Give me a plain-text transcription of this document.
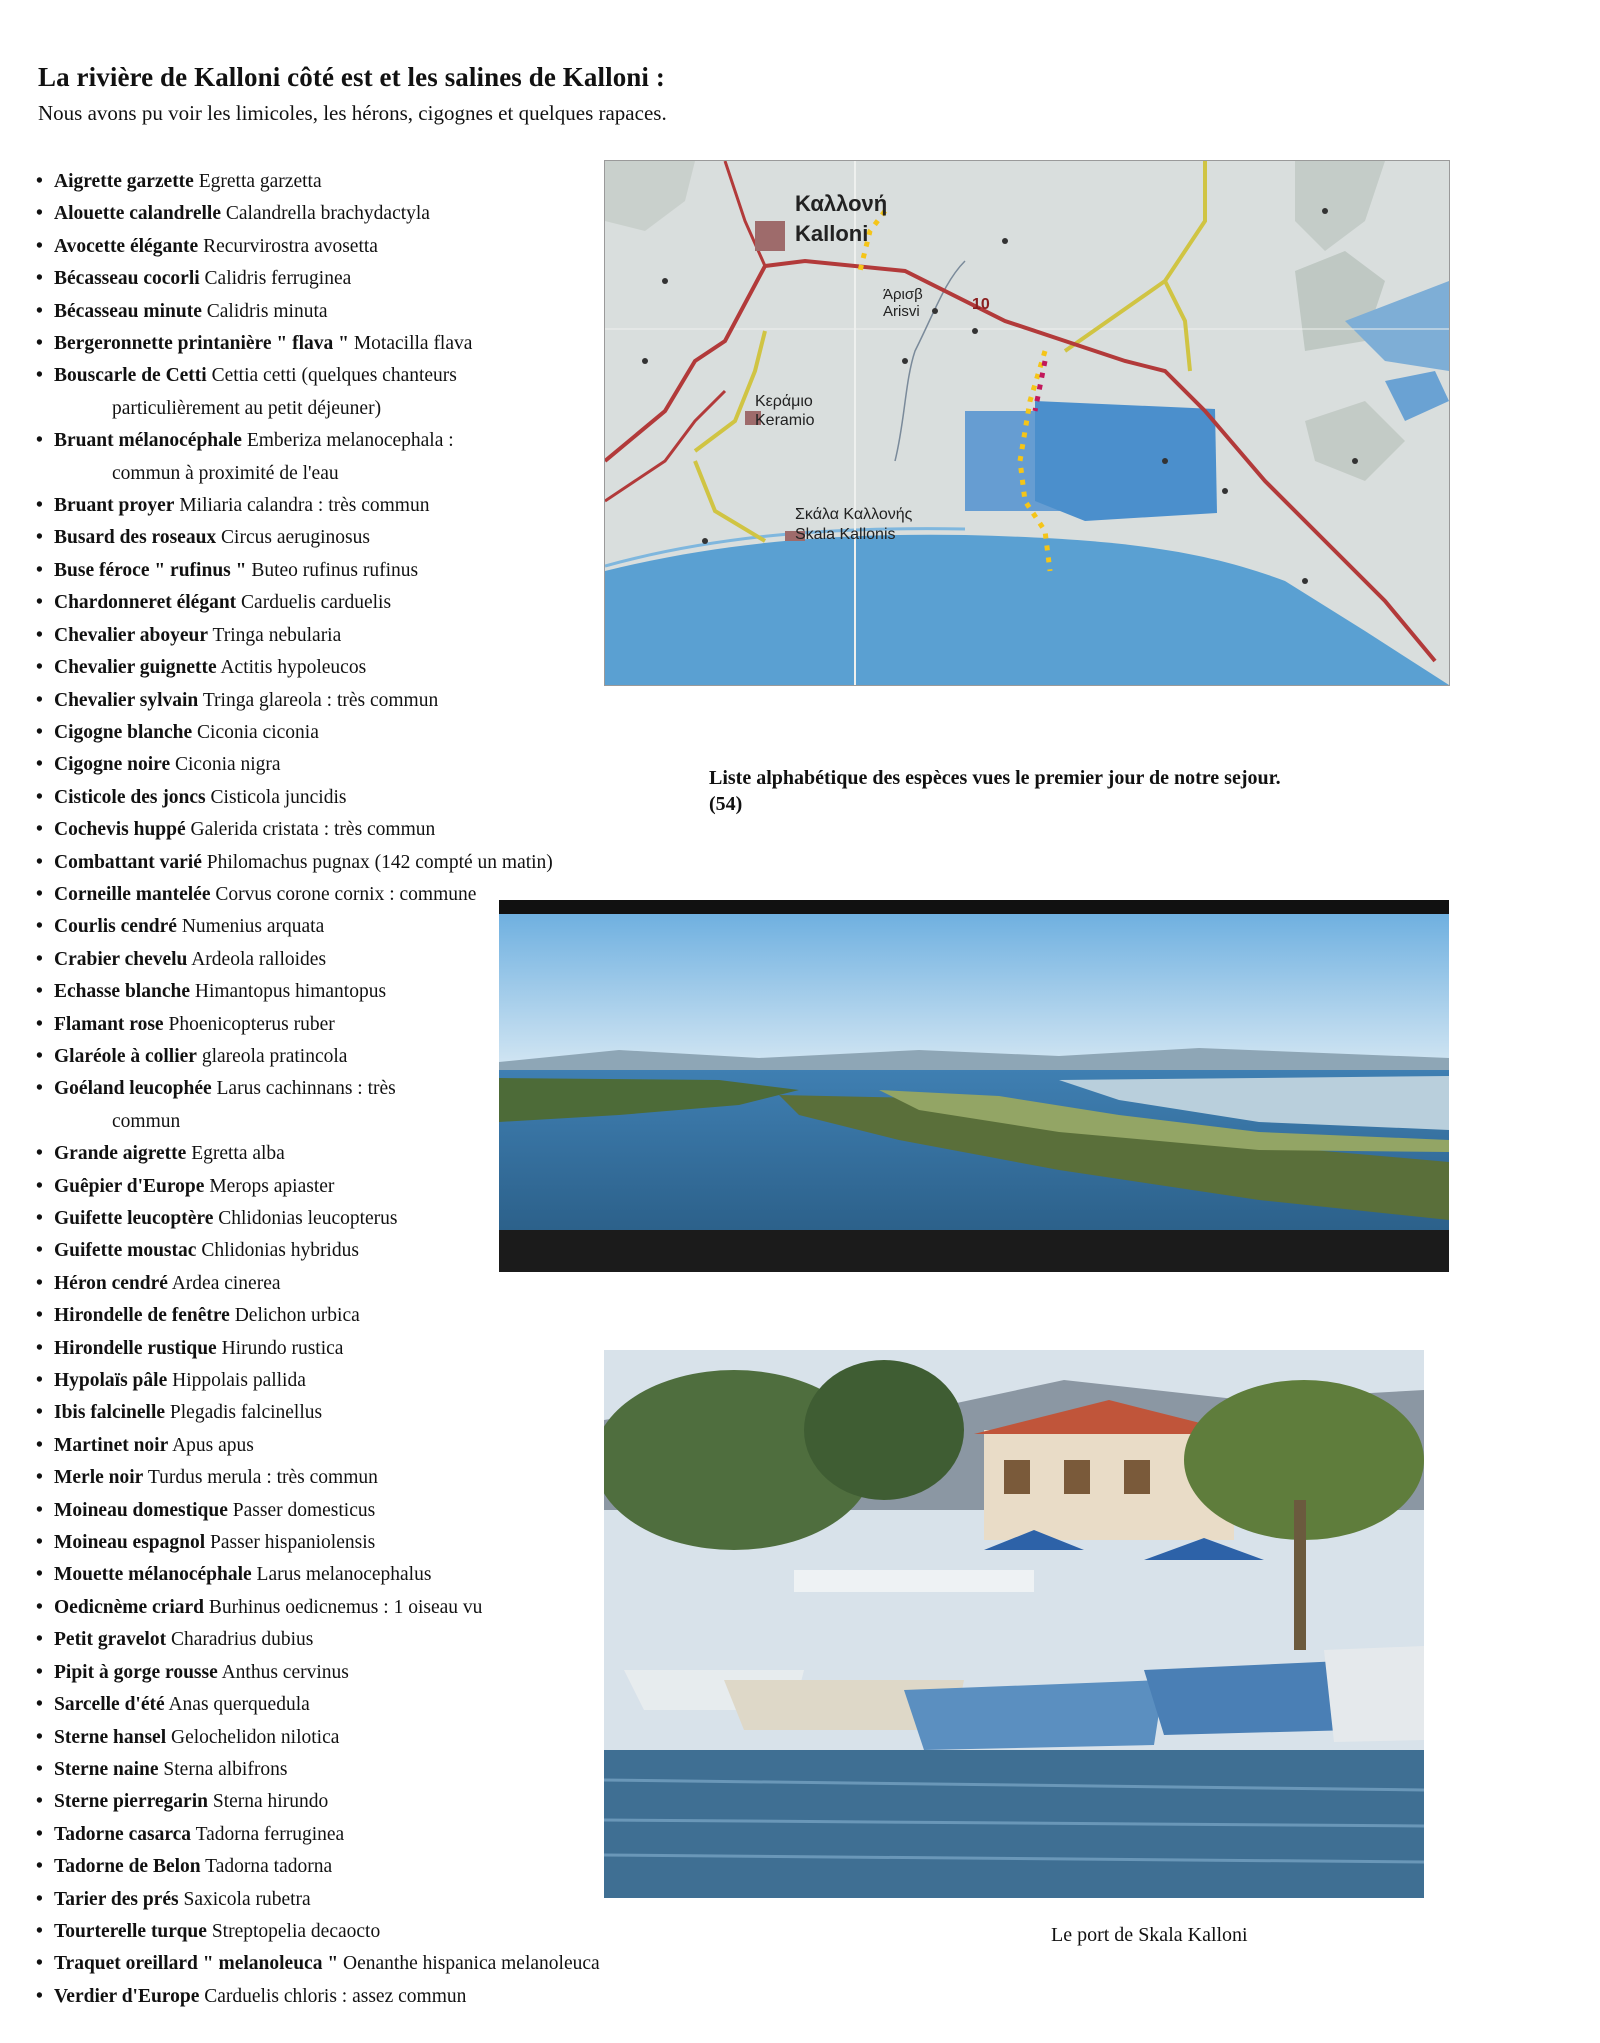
La rivière de Kalloni côté est et les salines de Kalloni :
Nous avons pu voir les limicoles, les hérons, cigognes et quelques rapaces.
• Aigrette garzette Egretta garzetta
• Alouette calandrelle Calandrella brachydactyla
• Avocette élégante Recurvirostra avosetta
• Bécasseau cocorli Calidris ferruginea
• Bécasseau minute Calidris minuta
• Bergeronnette printanière " flava " Motacilla flava
• Bouscarle de Cetti Cettia cetti (quelques chanteurs
particulièrement au petit déjeuner)
• Bruant mélanocéphale Emberiza melanocephala :
commun à proximité de l'eau
• Bruant proyer Miliaria calandra : très commun
• Busard des roseaux Circus aeruginosus
• Buse féroce " rufinus " Buteo rufinus rufinus
• Chardonneret élégant Carduelis carduelis
• Chevalier aboyeur Tringa nebularia
• Chevalier guignette Actitis hypoleucos
• Chevalier sylvain Tringa glareola : très commun
• Cigogne blanche Ciconia ciconia
• Cigogne noire Ciconia nigra
• Cisticole des joncs Cisticola juncidis
• Cochevis huppé Galerida cristata : très commun
• Combattant varié Philomachus pugnax (142 compté un matin)
• Corneille mantelée Corvus corone cornix : commune
• Courlis cendré Numenius arquata
• Crabier chevelu Ardeola ralloides
• Echasse blanche Himantopus himantopus
• Flamant rose Phoenicopterus ruber
• Glaréole à collier glareola pratincola
• Goéland leucophée Larus cachinnans : très
commun
• Grande aigrette Egretta alba
• Guêpier d'Europe Merops apiaster
• Guifette leucoptère Chlidonias leucopterus
• Guifette moustac Chlidonias hybridus
• Héron cendré Ardea cinerea
• Hirondelle de fenêtre Delichon urbica
• Hirondelle rustique Hirundo rustica
• Hypolaïs pâle Hippolais pallida
• Ibis falcinelle Plegadis falcinellus
• Martinet noir Apus apus
• Merle noir Turdus merula : très commun
• Moineau domestique Passer domesticus
• Moineau espagnol Passer hispaniolensis
• Mouette mélanocéphale Larus melanocephalus
• Oedicnème criard Burhinus oedicnemus : 1 oiseau vu
• Petit gravelot Charadrius dubius
• Pipit à gorge rousse Anthus cervinus
• Sarcelle d'été Anas querquedula
• Sterne hansel Gelochelidon nilotica
• Sterne naine Sterna albifrons
• Sterne pierregarin Sterna hirundo
• Tadorne casarca Tadorna ferruginea
• Tadorne de Belon Tadorna tadorna
• Tarier des prés Saxicola rubetra
• Tourterelle turque Streptopelia decaocto
• Traquet oreillard " melanoleuca " Oenanthe hispanica melanoleuca
• Verdier d'Europe Carduelis chloris : assez commun
Καλλονή
Kalloni
Άρισβ
Arisvi
Κεράμιο
Keramio
Σκάλα Καλλονής
Skala Kallonis
10
Liste alphabétique des espèces vues le premier jour de notre sejour. (54)
Le port de Skala Kalloni
